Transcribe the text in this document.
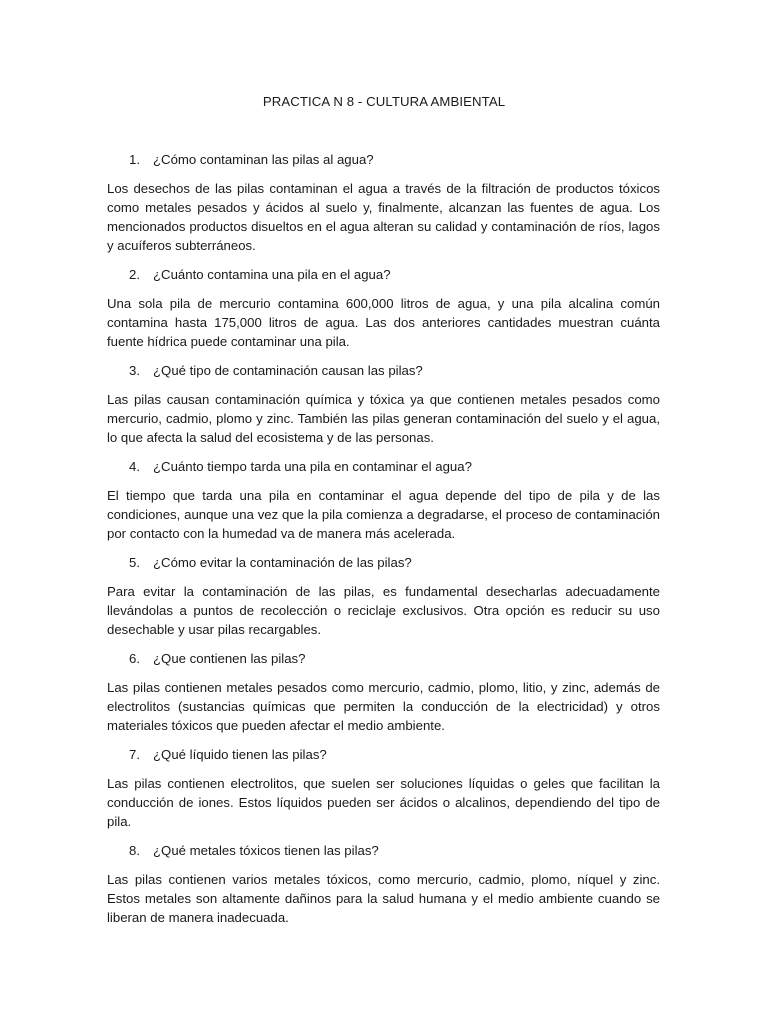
PRACTICA N 8 - CULTURA AMBIENTAL
1. ¿Cómo contaminan las pilas al agua?

Los desechos de las pilas contaminan el agua a través de la filtración de productos tóxicos como metales pesados y ácidos al suelo y, finalmente, alcanzan las fuentes de agua. Los mencionados productos disueltos en el agua alteran su calidad y contaminación de ríos, lagos y acuíferos subterráneos.

2. ¿Cuánto contamina una pila en el agua?

Una sola pila de mercurio contamina 600,000 litros de agua, y una pila alcalina común contamina hasta 175,000 litros de agua. Las dos anteriores cantidades muestran cuánta fuente hídrica puede contaminar una pila.

3. ¿Qué tipo de contaminación causan las pilas?

Las pilas causan contaminación química y tóxica ya que contienen metales pesados como mercurio, cadmio, plomo y zinc. También las pilas generan contaminación del suelo y el agua, lo que afecta la salud del ecosistema y de las personas.

4. ¿Cuánto tiempo tarda una pila en contaminar el agua?

El tiempo que tarda una pila en contaminar el agua depende del tipo de pila y de las condiciones, aunque una vez que la pila comienza a degradarse, el proceso de contaminación por contacto con la humedad va de manera más acelerada.

5. ¿Cómo evitar la contaminación de las pilas?

Para evitar la contaminación de las pilas, es fundamental desecharlas adecuadamente llevándolas a puntos de recolección o reciclaje exclusivos. Otra opción es reducir su uso desechable y usar pilas recargables.

6. ¿Que contienen las pilas?

Las pilas contienen metales pesados como mercurio, cadmio, plomo, litio, y zinc, además de electrolitos (sustancias químicas que permiten la conducción de la electricidad) y otros materiales tóxicos que pueden afectar el medio ambiente.

7. ¿Qué líquido tienen las pilas?

Las pilas contienen electrolitos, que suelen ser soluciones líquidas o geles que facilitan la conducción de iones. Estos líquidos pueden ser ácidos o alcalinos, dependiendo del tipo de pila.

8. ¿Qué metales tóxicos tienen las pilas?

Las pilas contienen varios metales tóxicos, como mercurio, cadmio, plomo, níquel y zinc. Estos metales son altamente dañinos para la salud humana y el medio ambiente cuando se liberan de manera inadecuada.
